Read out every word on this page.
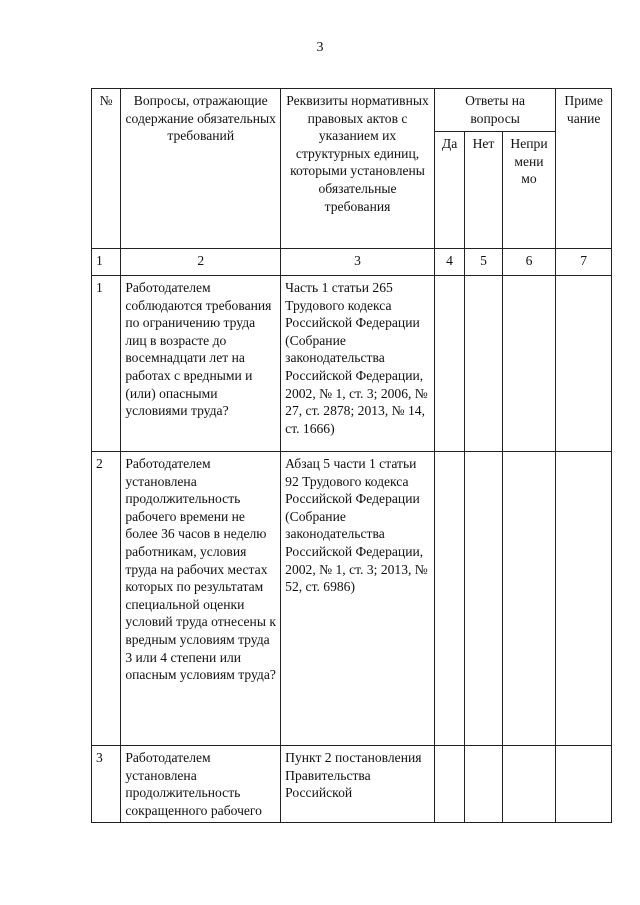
3
№	Вопросы, отражающие содержание обязательных требований	Реквизиты нормативных правовых актов с указанием их структурных единиц, которыми установлены обязательные требования	Ответы на вопросы			Приме чание
			Да	Нет	Непри мени мо	
1	2	3	4	5	6	7
1	Работодателем соблюдаются требования по ограничению труда лиц в возрасте до восемнадцати лет на работах с вредными и (или) опасными условиями труда?	Часть 1 статьи 265 Трудового кодекса Российской Федерации (Собрание законодательства Российской Федерации, 2002, № 1, ст. 3; 2006, № 27, ст. 2878; 2013, № 14, ст. 1666)				
2	Работодателем установлена продолжительность рабочего времени не более 36 часов в неделю работникам, условия труда на рабочих местах которых по результатам специальной оценки условий труда отнесены к вредным условиям труда 3 или 4 степени или опасным условиям труда?	Абзац 5 части 1 статьи 92 Трудового кодекса Российской Федерации (Собрание законодательства Российской Федерации, 2002, № 1, ст. 3; 2013, № 52, ст. 6986)				
3	Работодателем установлена продолжительность сокращенного рабочего	Пункт 2 постановления Правительства Российской				
